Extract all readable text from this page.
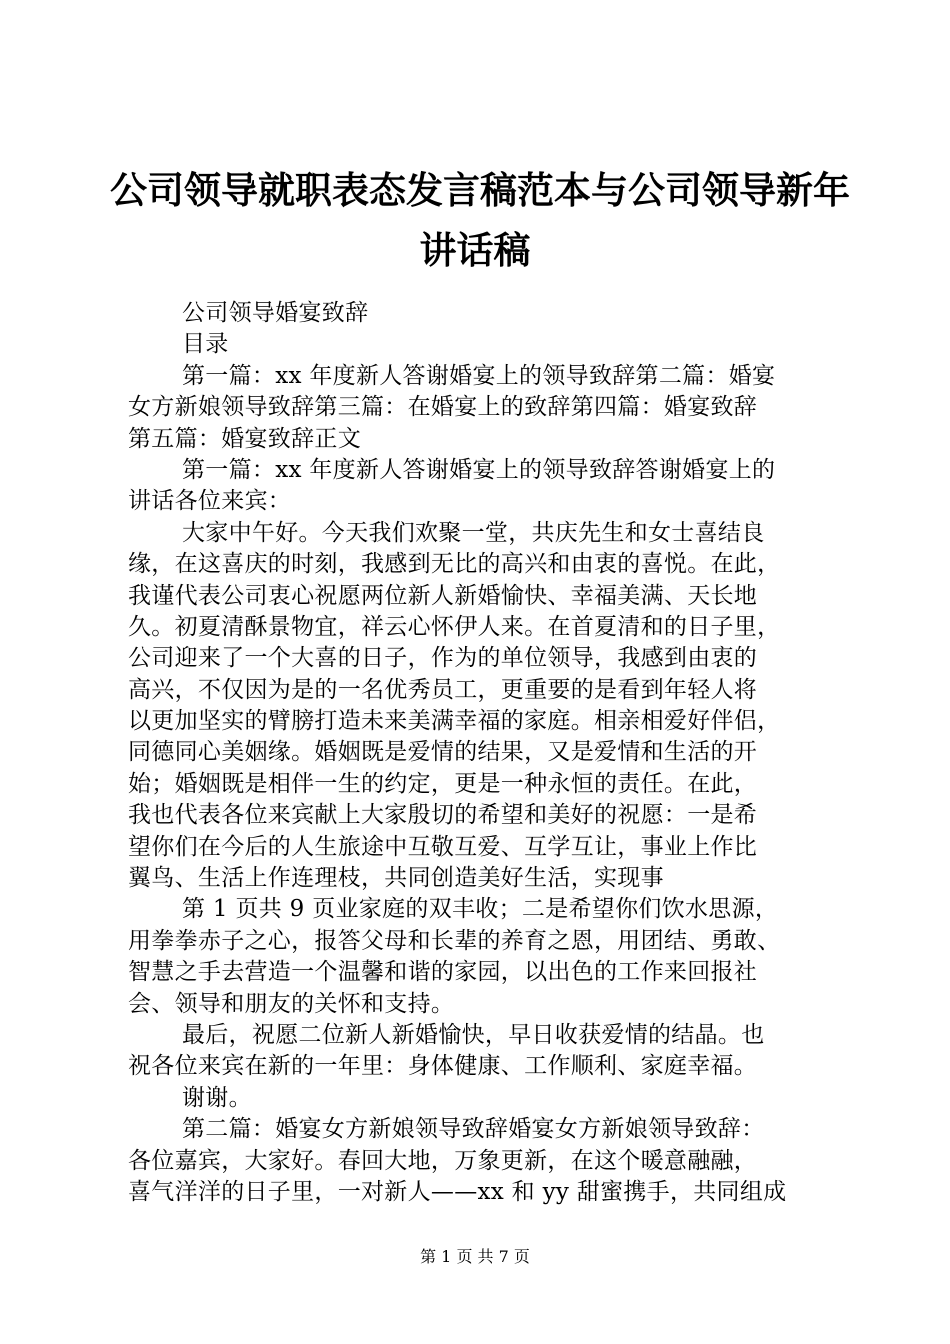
公司领导就职表态发言稿范本与公司领导新年
讲话稿
公司领导婚宴致辞
目录
第一篇：xx 年度新人答谢婚宴上的领导致辞第二篇：婚宴
女方新娘领导致辞第三篇：在婚宴上的致辞第四篇：婚宴致辞
第五篇：婚宴致辞正文
第一篇：xx 年度新人答谢婚宴上的领导致辞答谢婚宴上的
讲话各位来宾：
大家中午好。今天我们欢聚一堂，共庆先生和女士喜结良
缘，在这喜庆的时刻，我感到无比的高兴和由衷的喜悦。在此，
我谨代表公司衷心祝愿两位新人新婚愉快、幸福美满、天长地
久。初夏清酥景物宜，祥云心怀伊人来。在首夏清和的日子里，
公司迎来了一个大喜的日子，作为的单位领导，我感到由衷的
高兴，不仅因为是的一名优秀员工，更重要的是看到年轻人将
以更加坚实的臂膀打造未来美满幸福的家庭。相亲相爱好伴侣，
同德同心美姻缘。婚姻既是爱情的结果，又是爱情和生活的开
始；婚姻既是相伴一生的约定，更是一种永恒的责任。在此，
我也代表各位来宾献上大家殷切的希望和美好的祝愿：一是希
望你们在今后的人生旅途中互敬互爱、互学互让，事业上作比
翼鸟、生活上作连理枝，共同创造美好生活，实现事
第 1 页共 9 页业家庭的双丰收；二是希望你们饮水思源，
用拳拳赤子之心，报答父母和长辈的养育之恩，用团结、勇敢、
智慧之手去营造一个温馨和谐的家园，以出色的工作来回报社
会、领导和朋友的关怀和支持。
最后，祝愿二位新人新婚愉快，早日收获爱情的结晶。也
祝各位来宾在新的一年里：身体健康、工作顺利、家庭幸福。
谢谢。
第二篇：婚宴女方新娘领导致辞婚宴女方新娘领导致辞：
各位嘉宾，大家好。春回大地，万象更新，在这个暖意融融，
喜气洋洋的日子里，一对新人——xx 和 yy 甜蜜携手，共同组成
第 1 页 共 7 页
